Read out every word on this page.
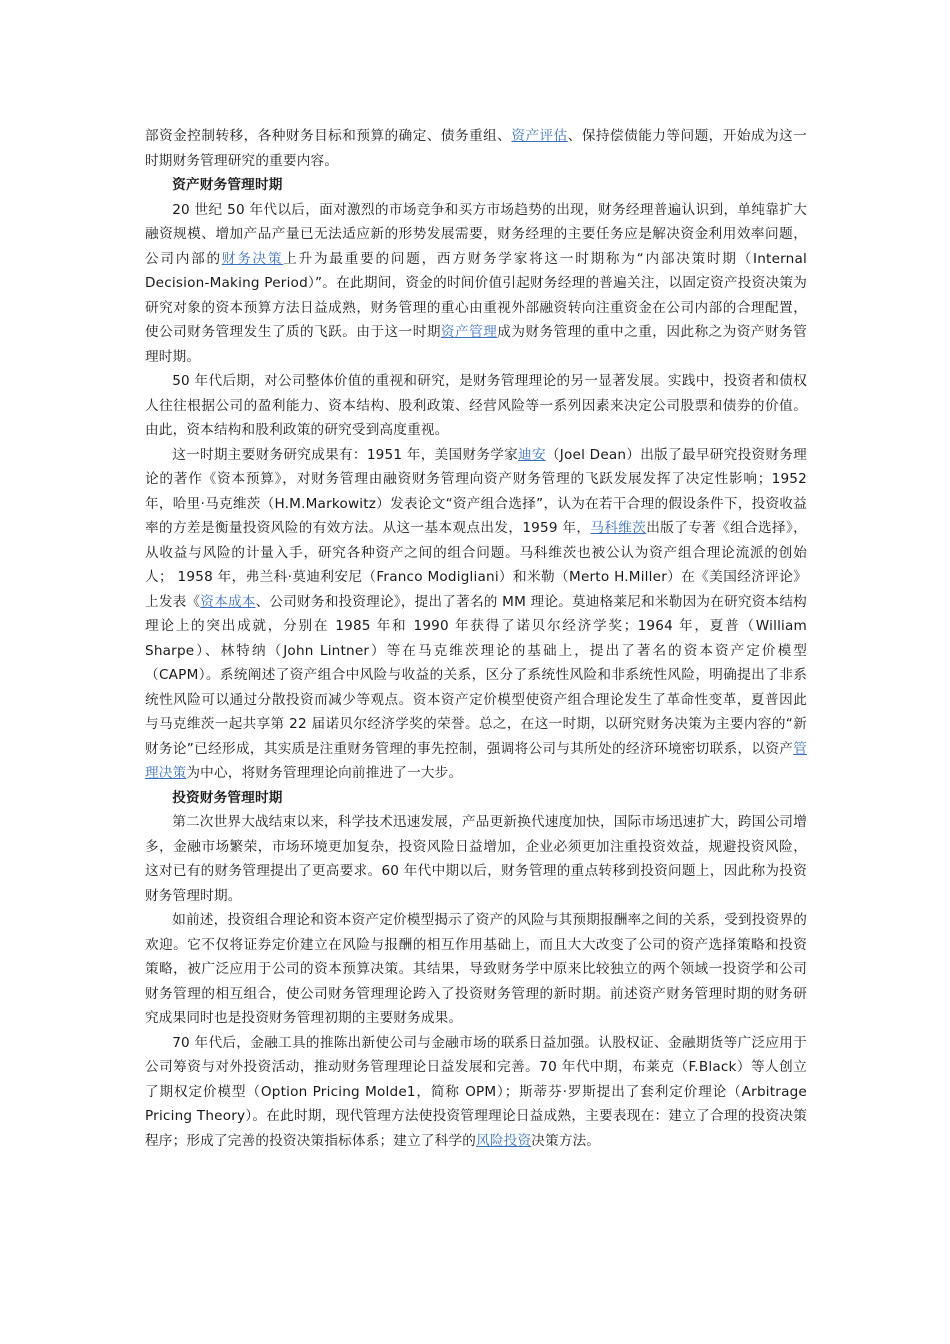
部资金控制转移，各种财务目标和预算的确定、债务重组、资产评估、保持偿债能力等问题，开始成为这一时期财务管理研究的重要内容。

资产财务管理时期

20 世纪 50 年代以后，面对激烈的市场竞争和买方市场趋势的出现，财务经理普遍认识到，单纯靠扩大融资规模、增加产品产量已无法适应新的形势发展需要，财务经理的主要任务应是解决资金利用效率问题，公司内部的财务决策上升为最重要的问题，西方财务学家将这一时期称为“内部决策时期（Internal Decision-Making Period）”。在此期间，资金的时间价值引起财务经理的普遍关注，以固定资产投资决策为研究对象的资本预算方法日益成熟，财务管理的重心由重视外部融资转向注重资金在公司内部的合理配置，使公司财务管理发生了质的飞跃。由于这一时期资产管理成为财务管理的重中之重，因此称之为资产财务管理时期。

50 年代后期，对公司整体价值的重视和研究，是财务管理理论的另一显著发展。实践中，投资者和债权人往往根据公司的盈利能力、资本结构、股利政策、经营风险等一系列因素来决定公司股票和债券的价值。由此，资本结构和股利政策的研究受到高度重视。

这一时期主要财务研究成果有：1951 年，美国财务学家迪安（Joel Dean）出版了最早研究投资财务理论的著作《资本预算》，对财务管理由融资财务管理向资产财务管理的飞跃发展发挥了决定性影响；1952 年，哈里·马克维茨（H.M.Markowitz）发表论文“资产组合选择”，认为在若干合理的假设条件下，投资收益率的方差是衡量投资风险的有效方法。从这一基本观点出发，1959 年，马科维茨出版了专著《组合选择》，从收益与风险的计量入手，研究各种资产之间的组合问题。马科维茨也被公认为资产组合理论流派的创始人； 1958 年，弗兰科·莫迪利安尼（Franco Modigliani）和米勒（Merto H.Miller）在《美国经济评论》上发表《资本成本、公司财务和投资理论》，提出了著名的 MM 理论。莫迪格莱尼和米勒因为在研究资本结构理论上的突出成就，分别在 1985 年和 1990 年获得了诺贝尔经济学奖；1964 年，夏普（William Sharpe）、林特纳（John Lintner）等在马克维茨理论的基础上，提出了著名的资本资产定价模型（CAPM）。系统阐述了资产组合中风险与收益的关系，区分了系统性风险和非系统性风险，明确提出了非系统性风险可以通过分散投资而减少等观点。资本资产定价模型使资产组合理论发生了革命性变革，夏普因此与马克维茨一起共享第 22 届诺贝尔经济学奖的荣誉。总之，在这一时期，以研究财务决策为主要内容的“新财务论”已经形成，其实质是注重财务管理的事先控制，强调将公司与其所处的经济环境密切联系，以资产管理决策为中心，将财务管理理论向前推进了一大步。

投资财务管理时期

第二次世界大战结束以来，科学技术迅速发展，产品更新换代速度加快，国际市场迅速扩大，跨国公司增多，金融市场繁荣，市场环境更加复杂，投资风险日益增加，企业必须更加注重投资效益，规避投资风险，这对已有的财务管理提出了更高要求。60 年代中期以后，财务管理的重点转移到投资问题上，因此称为投资财务管理时期。

如前述，投资组合理论和资本资产定价模型揭示了资产的风险与其预期报酬率之间的关系，受到投资界的欢迎。它不仅将证券定价建立在风险与报酬的相互作用基础上，而且大大改变了公司的资产选择策略和投资策略，被广泛应用于公司的资本预算决策。其结果，导致财务学中原来比较独立的两个领域一投资学和公司财务管理的相互组合，使公司财务管理理论跨入了投资财务管理的新时期。前述资产财务管理时期的财务研究成果同时也是投资财务管理初期的主要财务成果。

70 年代后，金融工具的推陈出新使公司与金融市场的联系日益加强。认股权证、金融期货等广泛应用于公司筹资与对外投资活动，推动财务管理理论日益发展和完善。70 年代中期，布莱克（F.Black）等人创立了期权定价模型（Option Pricing Molde1，简称 OPM）；斯蒂芬·罗斯提出了套利定价理论（Arbitrage Pricing Theory）。在此时期，现代管理方法使投资管理理论日益成熟，主要表现在：建立了合理的投资决策程序；形成了完善的投资决策指标体系；建立了科学的风险投资决策方法。
